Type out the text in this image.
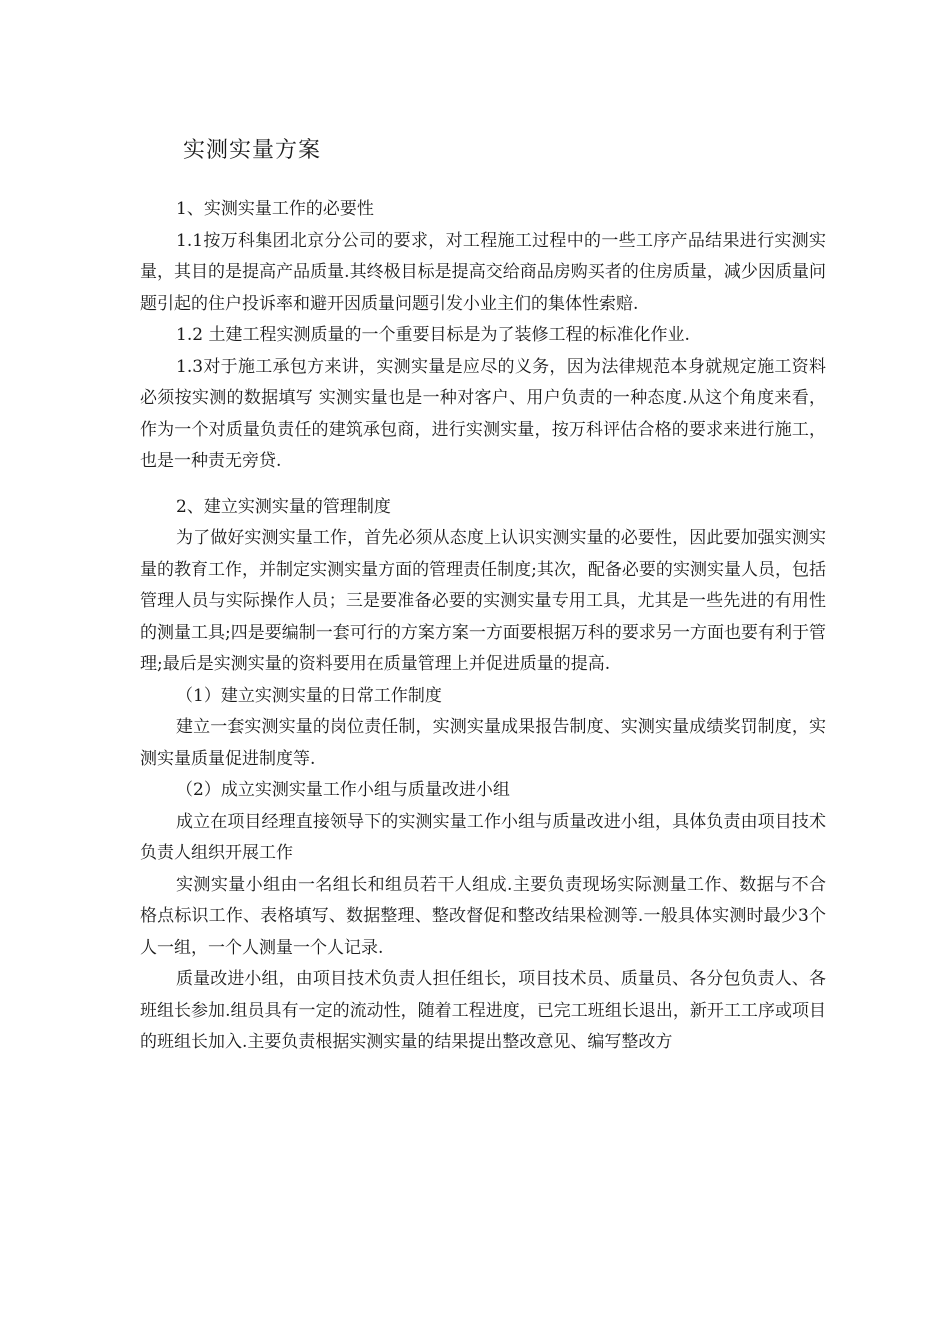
实测实量方案

1、实测实量工作的必要性

1.1按万科集团北京分公司的要求，对工程施工过程中的一些工序产品结果进行实测实量，其目的是提高产品质量.其终极目标是提高交给商品房购买者的住房质量，减少因质量问题引起的住户投诉率和避开因质量问题引发小业主们的集体性索赔.

1.2 土建工程实测质量的一个重要目标是为了装修工程的标准化作业.

1.3对于施工承包方来讲，实测实量是应尽的义务，因为法律规范本身就规定施工资料必须按实测的数据填写 实测实量也是一种对客户、用户负责的一种态度.从这个角度来看，作为一个对质量负责任的建筑承包商，进行实测实量，按万科评估合格的要求来进行施工，也是一种责无旁贷.

2、建立实测实量的管理制度

为了做好实测实量工作，首先必须从态度上认识实测实量的必要性，因此要加强实测实量的教育工作，并制定实测实量方面的管理责任制度;其次，配备必要的实测实量人员，包括管理人员与实际操作人员；三是要准备必要的实测实量专用工具，尤其是一些先进的有用性的测量工具;四是要编制一套可行的方案方案一方面要根据万科的要求另一方面也要有利于管理;最后是实测实量的资料要用在质量管理上并促进质量的提高.

（1）建立实测实量的日常工作制度

建立一套实测实量的岗位责任制，实测实量成果报告制度、实测实量成绩奖罚制度，实测实量质量促进制度等.

（2）成立实测实量工作小组与质量改进小组

成立在项目经理直接领导下的实测实量工作小组与质量改进小组，具体负责由项目技术负责人组织开展工作

实测实量小组由一名组长和组员若干人组成.主要负责现场实际测量工作、数据与不合格点标识工作、表格填写、数据整理、整改督促和整改结果检测等.一般具体实测时最少3个人一组，一个人测量一个人记录.

质量改进小组，由项目技术负责人担任组长，项目技术员、质量员、各分包负责人、各班组长参加.组员具有一定的流动性，随着工程进度，已完工班组长退出，新开工工序或项目的班组长加入.主要负责根据实测实量的结果提出整改意见、编写整改方
